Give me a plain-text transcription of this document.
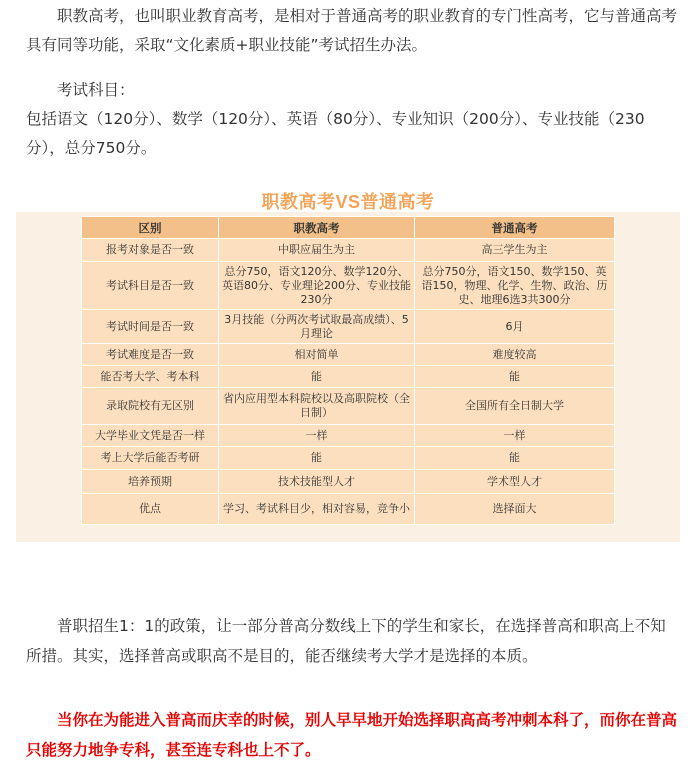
职教高考，也叫职业教育高考，是相对于普通高考的职业教育的专门性高考，它与普通高考具有同等功能，采取“文化素质+职业技能”考试招生办法。

考试科目：
包括语文（120分）、数学（120分）、英语（80分）、专业知识（200分）、专业技能（230分），总分750分。

职教高考VS普通高考

区别	职教高考	普通高考
报考对象是否一致	中职应届生为主	高三学生为主
考试科目是否一致	总分750，语文120分、数学120分、英语80分、专业理论200分、专业技能230分	总分750分，语文150、数学150、英语150，物理、化学、生物、政治、历史、地理6选3共300分
考试时间是否一致	3月技能（分两次考试取最高成绩）、5月理论	6月
考试难度是否一致	相对简单	难度较高
能否考大学、考本科	能	能
录取院校有无区别	省内应用型本科院校以及高职院校（全日制）	全国所有全日制大学
大学毕业文凭是否一样	一样	一样
考上大学后能否考研	能	能
培养预期	技术技能型人才	学术型人才
优点	学习、考试科目少，相对容易，竞争小	选择面大

普职招生1：1的政策，让一部分普高分数线上下的学生和家长，在选择普高和职高上不知所措。其实，选择普高或职高不是目的，能否继续考大学才是选择的本质。

当你在为能进入普高而庆幸的时候，别人早早地开始选择职高高考冲刺本科了，而你在普高只能努力地争专科，甚至连专科也上不了。
